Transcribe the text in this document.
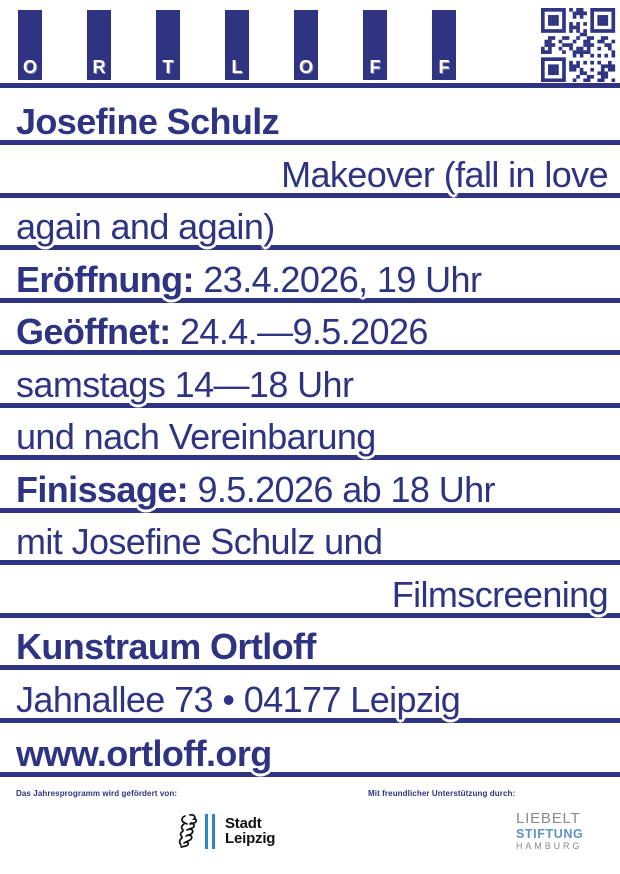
O	R	T	L	O	F	F
Josefine Schulz
Makeover (fall in love
again and again)
Eröffnung: 23.4.2026, 19 Uhr
Geöffnet: 24.4.—9.5.2026
samstags 14—18 Uhr
und nach Vereinbarung
Finissage: 9.5.2026 ab 18 Uhr
mit Josefine Schulz und
Filmscreening
Kunstraum Ortloff
Jahnallee 73 • 04177 Leipzig
www.ortloff.org
Das Jahresprogramm wird gefördert von:	Mit freundlicher Unterstützung durch:
Stadt
Leipzig
LIEBELT
STIFTUNG
HAMBURG
